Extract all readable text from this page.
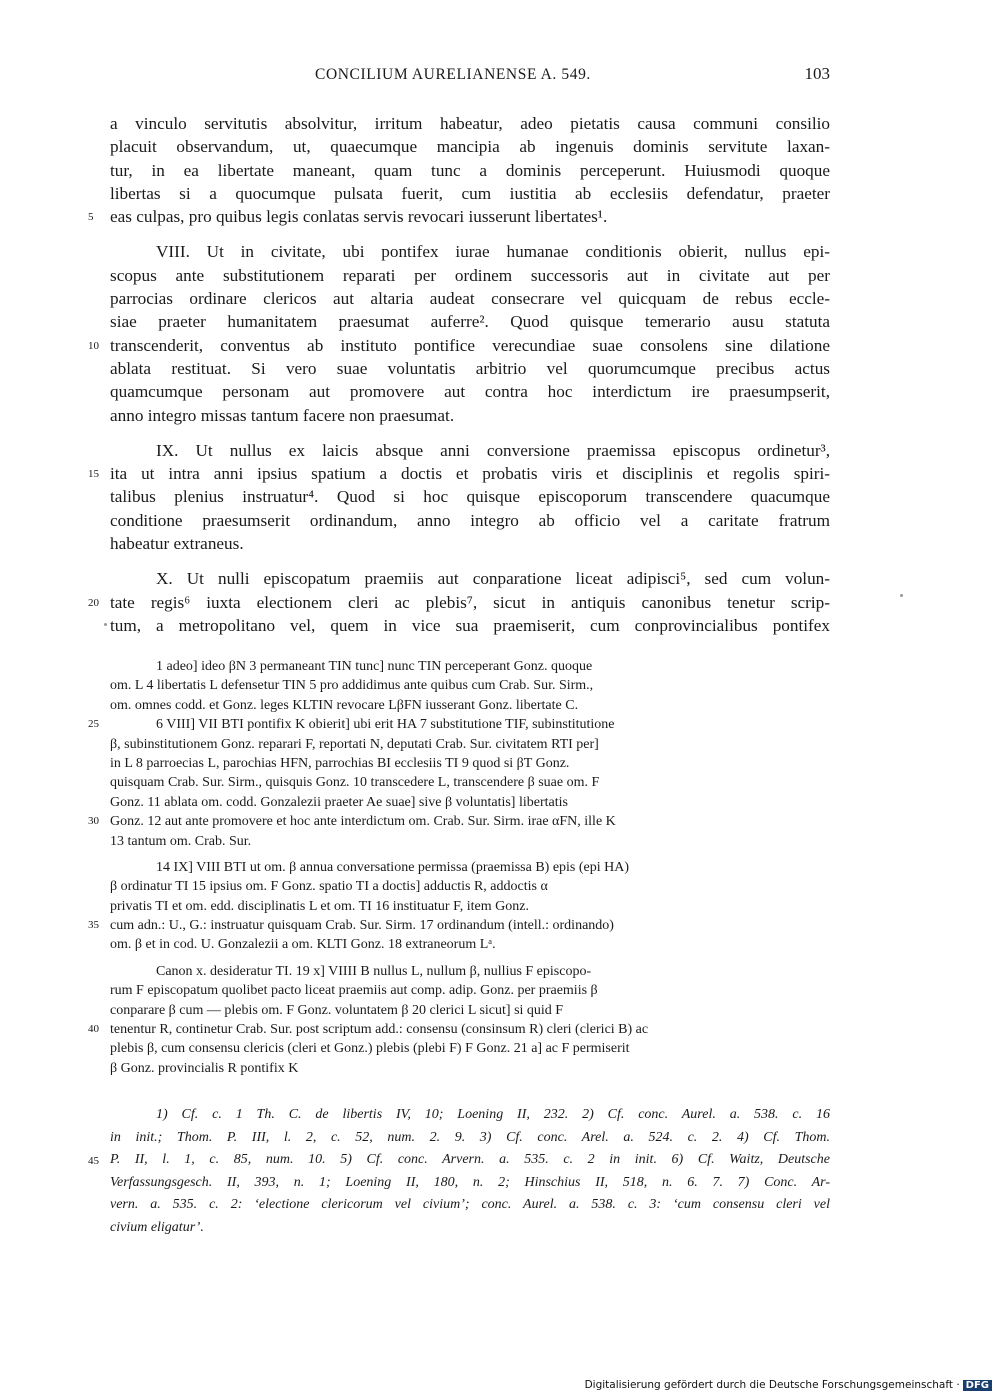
CONCILIUM AURELIANENSE A. 549.	103
a vinculo servitutis absolvitur, irritum habeatur, adeo pietatis causa communi consilio
placuit observandum, ut, quaecumque mancipia ab ingenuis dominis servitute laxan-
tur, in ea libertate maneant, quam tunc a dominis perceperunt. Huiusmodi quoque
libertas si a quocumque pulsata fuerit, cum iustitia ab ecclesiis defendatur, praeter
5 eas culpas, pro quibus legis conlatas servis revocari iusserunt libertates¹.
VIII. Ut in civitate, ubi pontifex iurae humanae conditionis obierit, nullus epi-
scopus ante substitutionem reparati per ordinem successoris aut in civitate aut per
parrocias ordinare clericos aut altaria audeat consecrare vel quicquam de rebus eccle-
siae praeter humanitatem praesumat auferre². Quod quisque temerario ausu statuta
10 transcenderit, conventus ab instituto pontifice verecundiae suae consolens sine dilatione
ablata restituat. Si vero suae voluntatis arbitrio vel quorumcumque precibus actus
quamcumque personam aut promovere aut contra hoc interdictum ire praesumpserit,
anno integro missas tantum facere non praesumat.
IX. Ut nullus ex laicis absque anni conversione praemissa episcopus ordinetur³,
15 ita ut intra anni ipsius spatium a doctis et probatis viris et disciplinis et regolis spiri-
talibus plenius instruatur⁴. Quod si hoc quisque episcoporum transcendere quacumque
conditione praesumserit ordinandum, anno integro ab officio vel a caritate fratrum
habeatur extraneus.
X. Ut nulli episcopatum praemiis aut conparatione liceat adipisci⁵, sed cum volun-
20 tate regis⁶ iuxta electionem cleri ac plebis⁷, sicut in antiquis canonibus tenetur scrip-
tum, a metropolitano vel, quem in vice sua praemiserit, cum conprovincialibus pontifex
1 adeo] ideo βN 3 permaneant TIN tunc] nunc TIN perceperant Gonz. quoque
om. L 4 libertatis L defensetur TIN 5 pro addidimus ante quibus cum Crab. Sur. Sirm.,
om. omnes codd. et Gonz. leges KLTIN revocare LβFN iusserant Gonz. libertate C.
25	6 VIII] VII BTI pontifix K obierit] ubi erit HA 7 substitutione TIF, subinstitutione
β, subinstitutionem Gonz. reparari F, reportati N, deputati Crab. Sur. civitatem RTI per]
in L 8 parroecias L, parochias HFN, parrochias BI ecclesiis TI 9 quod si βT Gonz.
quisquam Crab. Sur. Sirm., quisquis Gonz. 10 transcedere L, transcendere β suae om. F
Gonz. 11 ablata om. codd. Gonzalezii praeter Ae suae] sive β voluntatis] libertatis
30 Gonz. 12 aut ante promovere et hoc ante interdictum om. Crab. Sur. Sirm. irae αFN, ille K
13 tantum om. Crab. Sur.
14 IX] VIII BTI ut om. β annua conversatione permissa (praemissa B) epis (epi HA)
β ordinatur TI 15 ipsius om. F Gonz. spatio TI a doctis] adductis R, addoctis α
privatis TI et om. edd. disciplinatis L et om. TI 16 instituatur F, item Gonz.
35 cum adn.: U., G.: instruatur quisquam Crab. Sur. Sirm. 17 ordinandum (intell.: ordinando)
om. β et in cod. U. Gonzalezii a om. KLTI Gonz. 18 extraneorum Lᵃ.
Canon x. desideratur TI. 19 x] VIIII B nullus L, nullum β, nullius F episcopo-
rum F episcopatum quolibet pacto liceat praemiis aut comp. adip. Gonz. per praemiis β
conparare β cum — plebis om. F Gonz. voluntatem β 20 clerici L sicut] si quid F
40 tenentur R, continetur Crab. Sur. post scriptum add.: consensu (consinsum R) cleri (clerici B) ac
plebis β, cum consensu clericis (cleri et Gonz.) plebis (plebi F) F Gonz. 21 a] ac F permiserit
β Gonz. provincialis R pontifix K
1) Cf. c. 1 Th. C. de libertis IV, 10; Loening II, 232. 2) Cf. conc. Aurel. a. 538. c. 16
in init.; Thom. P. III, l. 2, c. 52, num. 2. 9. 3) Cf. conc. Arel. a. 524. c. 2. 4) Cf. Thom.
45 P. II, l. 1, c. 85, num. 10. 5) Cf. conc. Arvern. a. 535. c. 2 in init. 6) Cf. Waitz, Deutsche
Verfassungsgesch. II, 393, n. 1; Loening II, 180, n. 2; Hinschius II, 518, n. 6. 7. 7) Conc. Ar-
vern. a. 535. c. 2: ‘electione clericorum vel civium’; conc. Aurel. a. 538. c. 3: ‘cum consensu cleri vel
civium eligatur’.
Digitalisierung gefördert durch die Deutsche Forschungsgemeinschaft · DFG
